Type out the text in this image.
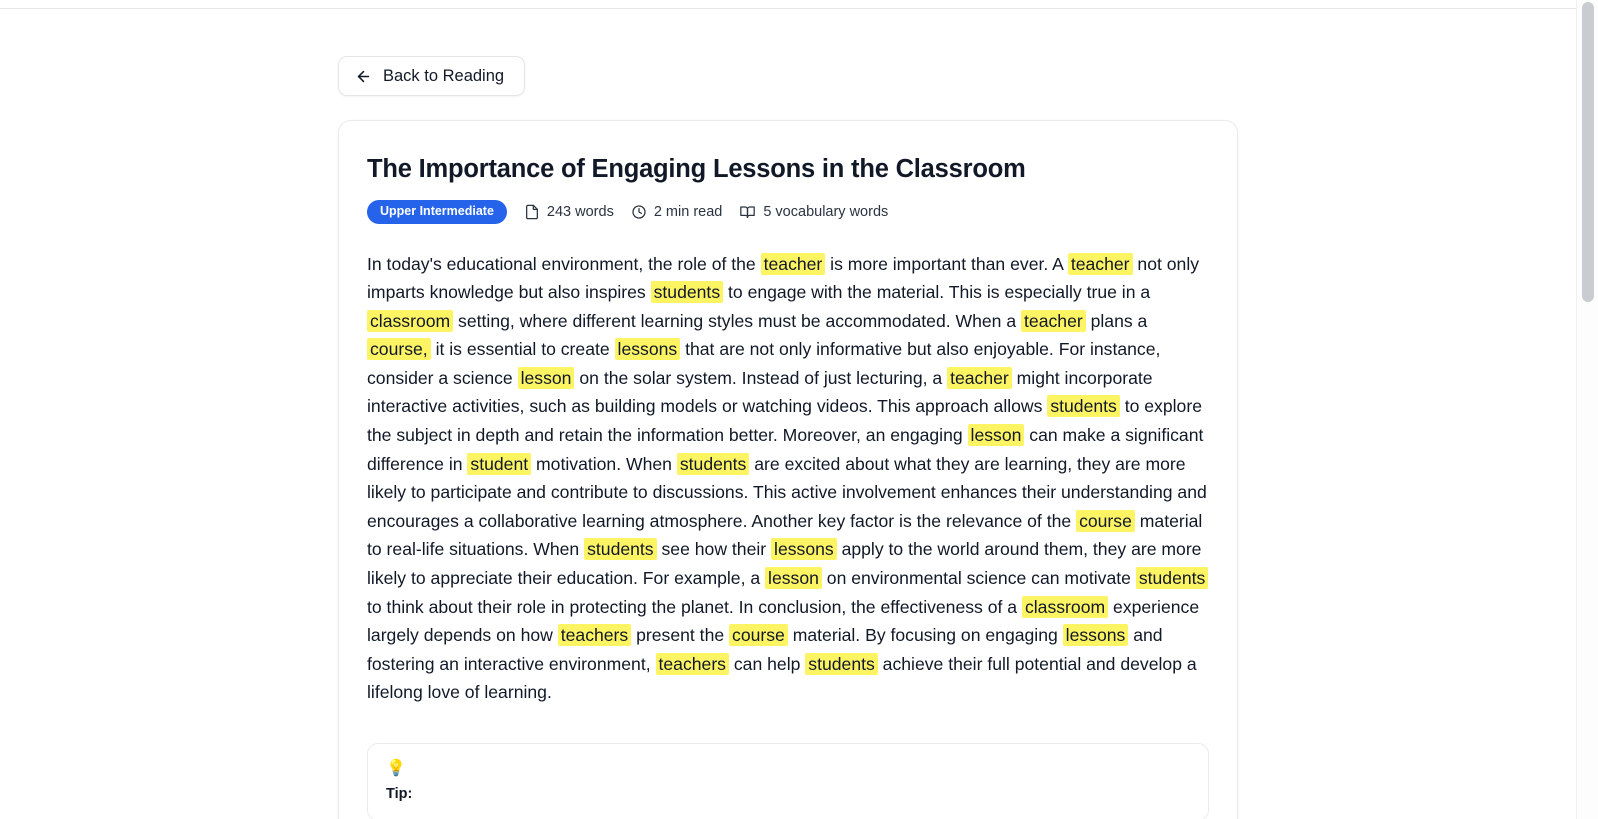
Back to Reading
The Importance of Engaging Lessons in the Classroom
Upper Intermediate	243 words	2 min read	5 vocabulary words
In today's educational environment, the role of the teacher is more important than ever. A teacher not only imparts knowledge but also inspires students to engage with the material. This is especially true in a classroom setting, where different learning styles must be accommodated. When a teacher plans a course, it is essential to create lessons that are not only informative but also enjoyable. For instance, consider a science lesson on the solar system. Instead of just lecturing, a teacher might incorporate interactive activities, such as building models or watching videos. This approach allows students to explore the subject in depth and retain the information better. Moreover, an engaging lesson can make a significant difference in student motivation. When students are excited about what they are learning, they are more likely to participate and contribute to discussions. This active involvement enhances their understanding and encourages a collaborative learning atmosphere. Another key factor is the relevance of the course material to real-life situations. When students see how their lessons apply to the world around them, they are more likely to appreciate their education. For example, a lesson on environmental science can motivate students to think about their role in protecting the planet. In conclusion, the effectiveness of a classroom experience largely depends on how teachers present the course material. By focusing on engaging lessons and fostering an interactive environment, teachers can help students achieve their full potential and develop a lifelong love of learning.
💡
Tip:
